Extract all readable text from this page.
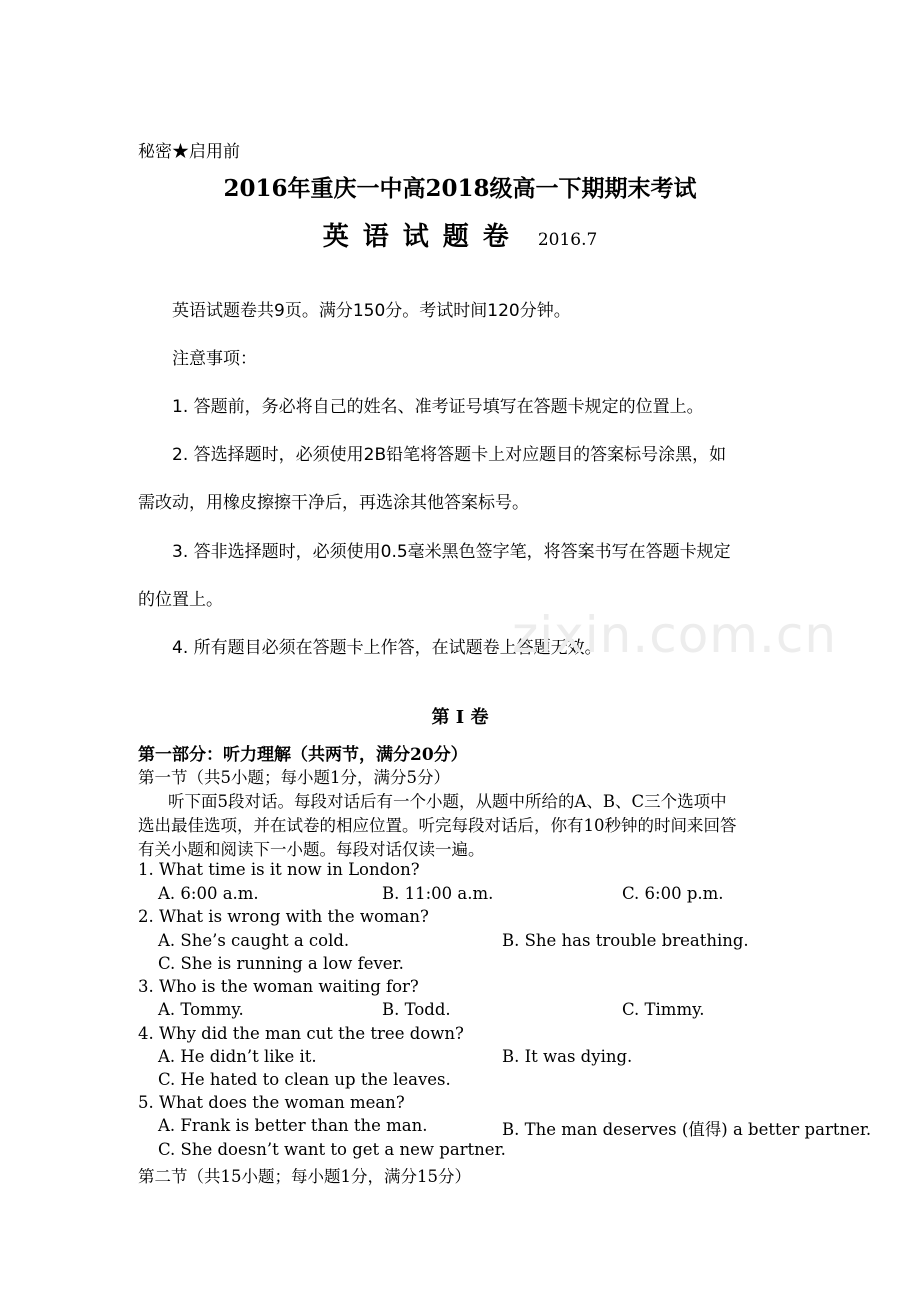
秘密★启用前
2016年重庆一中高2018级高一下期期末考试
英语试题卷 2016.7
英语试题卷共9页。满分150分。考试时间120分钟。
注意事项：
1. 答题前，务必将自己的姓名、准考证号填写在答题卡规定的位置上。
2. 答选择题时，必须使用2B铅笔将答题卡上对应题目的答案标号涂黑，如
需改动，用橡皮擦擦干净后，再选涂其他答案标号。
3. 答非选择题时，必须使用0.5毫米黑色签字笔，将答案书写在答题卡规定
的位置上。
4. 所有题目必须在答题卡上作答，在试题卷上答题无效。
zixin.com.cn
第 I 卷
第一部分：听力理解（共两节，满分20分）
第一节（共5小题；每小题1分，满分5分）
听下面5段对话。每段对话后有一个小题，从题中所给的A、B、C三个选项中
选出最佳选项，并在试卷的相应位置。听完每段对话后，你有10秒钟的时间来回答
有关小题和阅读下一小题。每段对话仅读一遍。
1. What time is it now in London?
A. 6:00 a.m.	B. 11:00 a.m.	C. 6:00 p.m.
2. What is wrong with the woman?
A. She’s caught a cold.	B. She has trouble breathing.
C. She is running a low fever.
3. Who is the woman waiting for?
A. Tommy.	B. Todd.	C. Timmy.
4. Why did the man cut the tree down?
A. He didn’t like it.	B. It was dying.
C. He hated to clean up the leaves.
5. What does the woman mean?
A. Frank is better than the man.	B. The man deserves (值得) a better partner.
C. She doesn’t want to get a new partner.
第二节（共15小题；每小题1分，满分15分）
